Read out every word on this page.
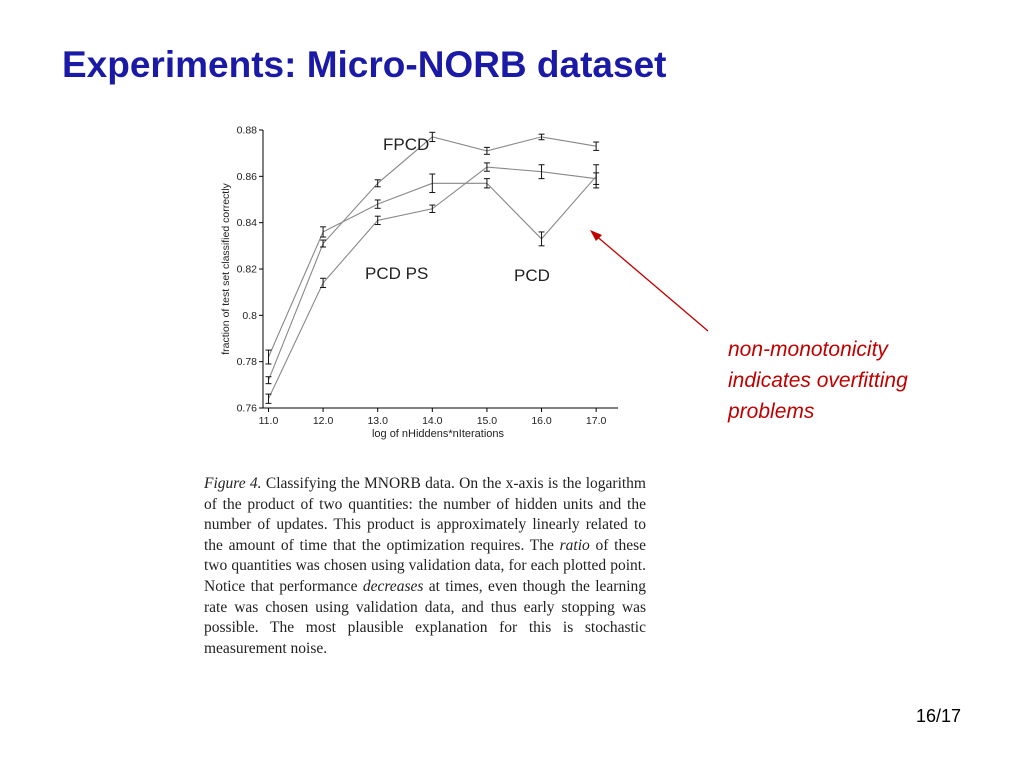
Experiments: Micro-NORB dataset
0.76
0.78
0.8
0.82
0.84
0.86
0.88
11.0	12.0	13.0	14.0	15.0	16.0	17.0
FPCD
PCD PS	PCD
log of nHiddens*nIterations
fraction of test set classified correctly	non-monotonicity
indicates overfitting
problems

Figure 4. Classifying the MNORB data. On the x-axis is the logarithm of the product of two quantities: the number of hidden units and the number of updates. This product is approximately linearly related to the amount of time that the optimization requires. The ratio of these two quantities was chosen using validation data, for each plotted point. Notice that performance decreases at times, even though the learning rate was chosen using validation data, and thus early stopping was possible. The most plausible explanation for this is stochastic measurement noise.

16/17
